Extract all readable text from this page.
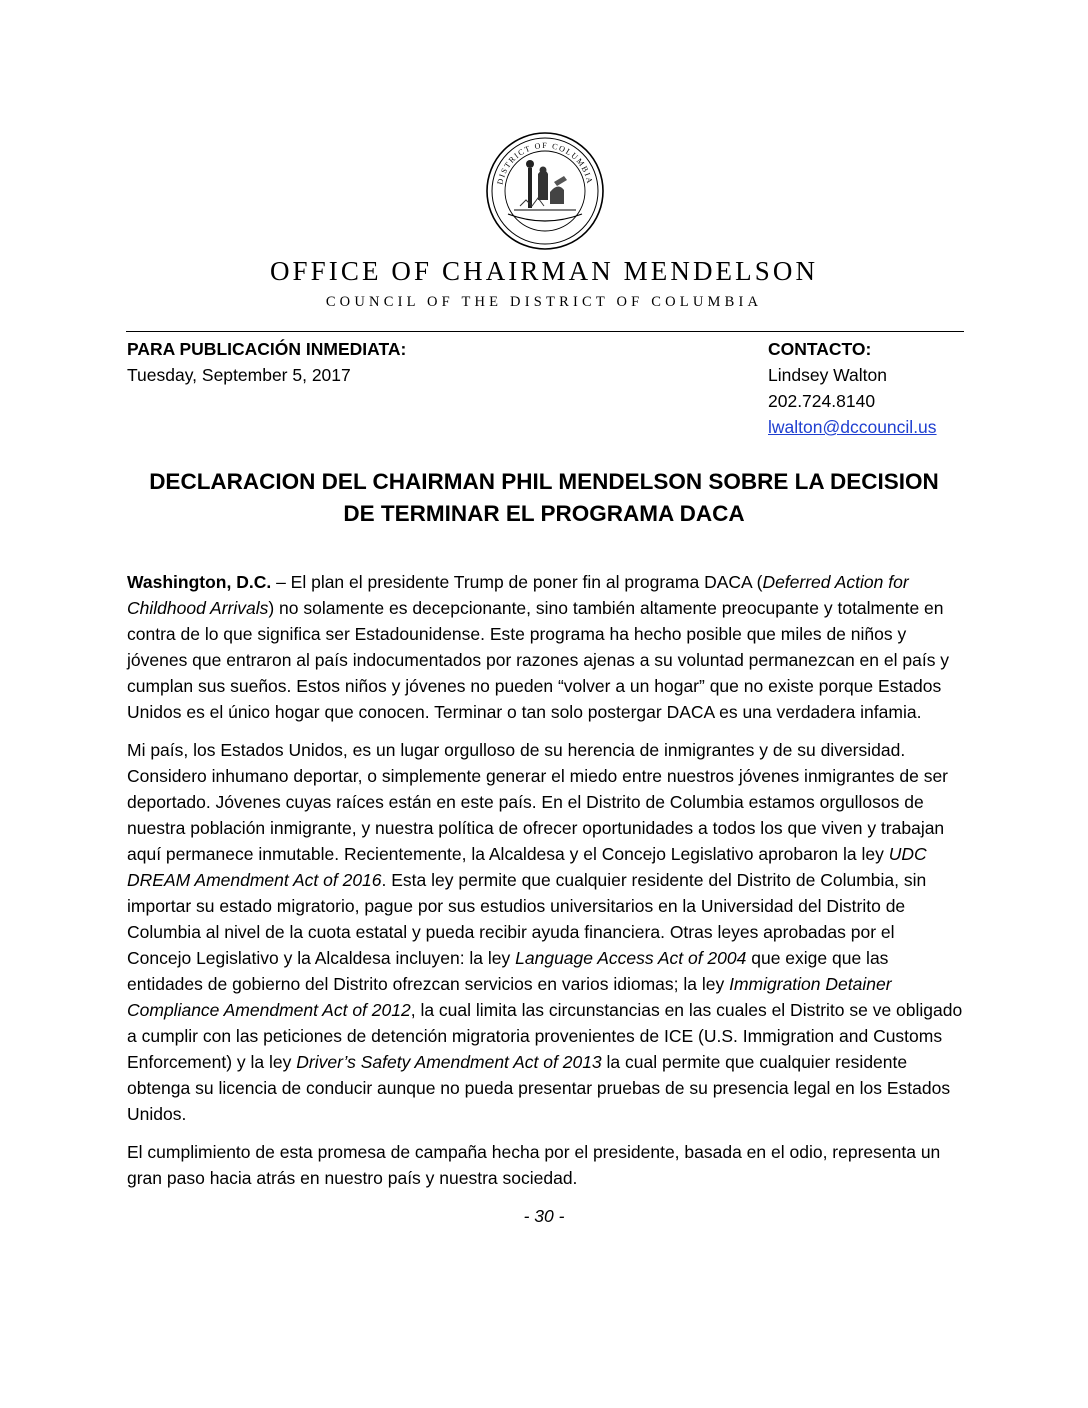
DISTRICT OF COLUMBIA
OFFICE OF CHAIRMAN MENDELSON
COUNCIL OF THE DISTRICT OF COLUMBIA
PARA PUBLICACIÓN INMEDIATA:
Tuesday, September 5, 2017
CONTACTO:
Lindsey Walton
202.724.8140
lwalton@dccouncil.us
DECLARACION DEL CHAIRMAN PHIL MENDELSON SOBRE LA DECISION
DE TERMINAR EL PROGRAMA DACA

Washington, D.C. – El plan el presidente Trump de poner fin al programa DACA (Deferred Action for Childhood Arrivals) no solamente es decepcionante, sino también altamente preocupante y totalmente en contra de lo que significa ser Estadounidense. Este programa ha hecho posible que miles de niños y jóvenes que entraron al país indocumentados por razones ajenas a su voluntad permanezcan en el país y cumplan sus sueños. Estos niños y jóvenes no pueden “volver a un hogar” que no existe porque Estados Unidos es el único hogar que conocen. Terminar o tan solo postergar DACA es una verdadera infamia.

Mi país, los Estados Unidos, es un lugar orgulloso de su herencia de inmigrantes y de su diversidad. Considero inhumano deportar, o simplemente generar el miedo entre nuestros jóvenes inmigrantes de ser deportado. Jóvenes cuyas raíces están en este país. En el Distrito de Columbia estamos orgullosos de nuestra población inmigrante, y nuestra política de ofrecer oportunidades a todos los que viven y trabajan aquí permanece inmutable. Recientemente, la Alcaldesa y el Concejo Legislativo aprobaron la ley UDC DREAM Amendment Act of 2016. Esta ley permite que cualquier residente del Distrito de Columbia, sin importar su estado migratorio, pague por sus estudios universitarios en la Universidad del Distrito de Columbia al nivel de la cuota estatal y pueda recibir ayuda financiera. Otras leyes aprobadas por el Concejo Legislativo y la Alcaldesa incluyen: la ley Language Access Act of 2004 que exige que las entidades de gobierno del Distrito ofrezcan servicios en varios idiomas; la ley Immigration Detainer Compliance Amendment Act of 2012, la cual limita las circunstancias en las cuales el Distrito se ve obligado a cumplir con las peticiones de detención migratoria provenientes de ICE (U.S. Immigration and Customs Enforcement) y la ley Driver’s Safety Amendment Act of 2013 la cual permite que cualquier residente obtenga su licencia de conducir aunque no pueda presentar pruebas de su presencia legal en los Estados Unidos.

El cumplimiento de esta promesa de campaña hecha por el presidente, basada en el odio, representa un gran paso hacia atrás en nuestro país y nuestra sociedad.

- 30 -
